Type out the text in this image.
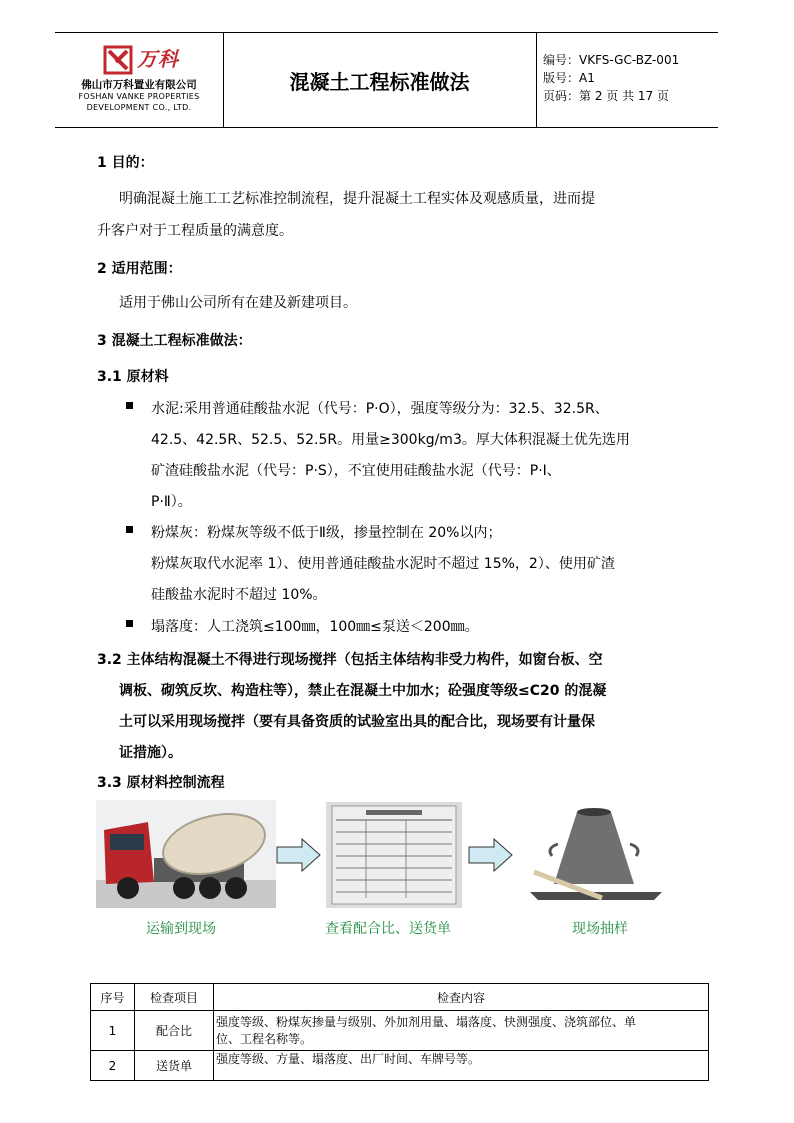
万科
佛山市万科置业有限公司
FOSHAN VANKE PROPERTIES
DEVELOPMENT CO., LTD.
混凝土工程标准做法
编号：VKFS-GC-BZ-001
版号：A1
页码：第 2 页 共 17 页
1 目的：
明确混凝土施工工艺标准控制流程，提升混凝土工程实体及观感质量，进而提
升客户对于工程质量的满意度。
2 适用范围：
适用于佛山公司所有在建及新建项目。
3 混凝土工程标准做法：
3.1 原材料
水泥:采用普通硅酸盐水泥（代号：P·O），强度等级分为：32.5、32.5R、
42.5、42.5R、52.5、52.5R。用量≥300kg/m3。厚大体积混凝土优先选用
矿渣硅酸盐水泥（代号：P·S），不宜使用硅酸盐水泥（代号：P·Ⅰ、
P·Ⅱ）。
粉煤灰：粉煤灰等级不低于Ⅱ级，掺量控制在 20%以内；
粉煤灰取代水泥率 1）、使用普通硅酸盐水泥时不超过 15%，2）、使用矿渣
硅酸盐水泥时不超过 10%。
塌落度：人工浇筑≤100㎜，100㎜≤泵送＜200㎜。
3.2 主体结构混凝土不得进行现场搅拌（包括主体结构非受力构件，如窗台板、空
调板、砌筑反坎、构造柱等），禁止在混凝土中加水；砼强度等级≤C20 的混凝
土可以采用现场搅拌（要有具备资质的试验室出具的配合比，现场要有计量保
证措施）。
3.3 原材料控制流程
运输到现场	查看配合比、送货单	现场抽样
序号	检查项目	检查内容
1	配合比	强度等级、粉煤灰掺量与级别、外加剂用量、塌落度、快测强度、浇筑部位、单
位、工程名称等。

2	送货单	强度等级、方量、塌落度、出厂时间、车牌号等。
